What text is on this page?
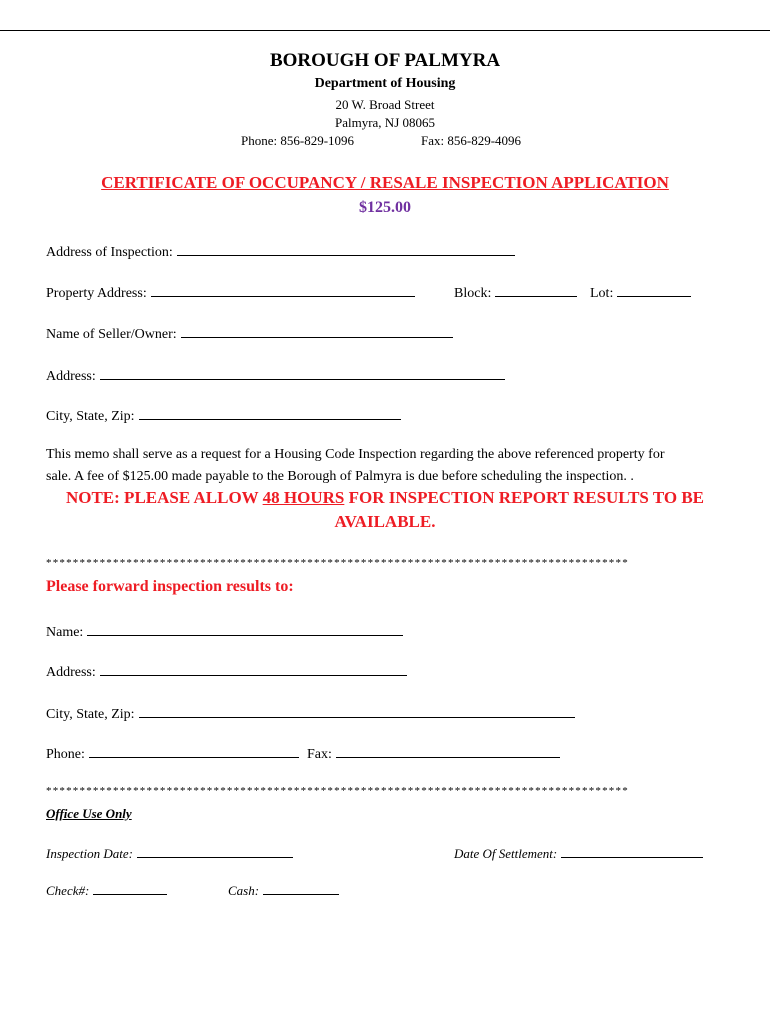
BOROUGH OF PALMYRA
Department of Housing
20 W. Broad Street
Palmyra, NJ 08065
Phone: 856-829-1096	Fax: 856-829-4096
CERTIFICATE OF OCCUPANCY / RESALE INSPECTION APPLICATION
$125.00
Address of Inspection:
Property Address:	Block:	Lot:
Name of Seller/Owner:
Address:
City, State, Zip:
This memo shall serve as a request for a Housing Code Inspection regarding the above referenced property for
sale. A fee of $125.00 made payable to the Borough of Palmyra is due before scheduling the inspection. .
NOTE: PLEASE ALLOW 48 HOURS FOR INSPECTION REPORT RESULTS TO BE
AVAILABLE.
***************************************************************************************
Please forward inspection results to:
Name:
Address:
City, State, Zip:
Phone:	Fax:
***************************************************************************************
Office Use Only
Inspection Date:	Date Of Settlement:
Check#:	Cash:
